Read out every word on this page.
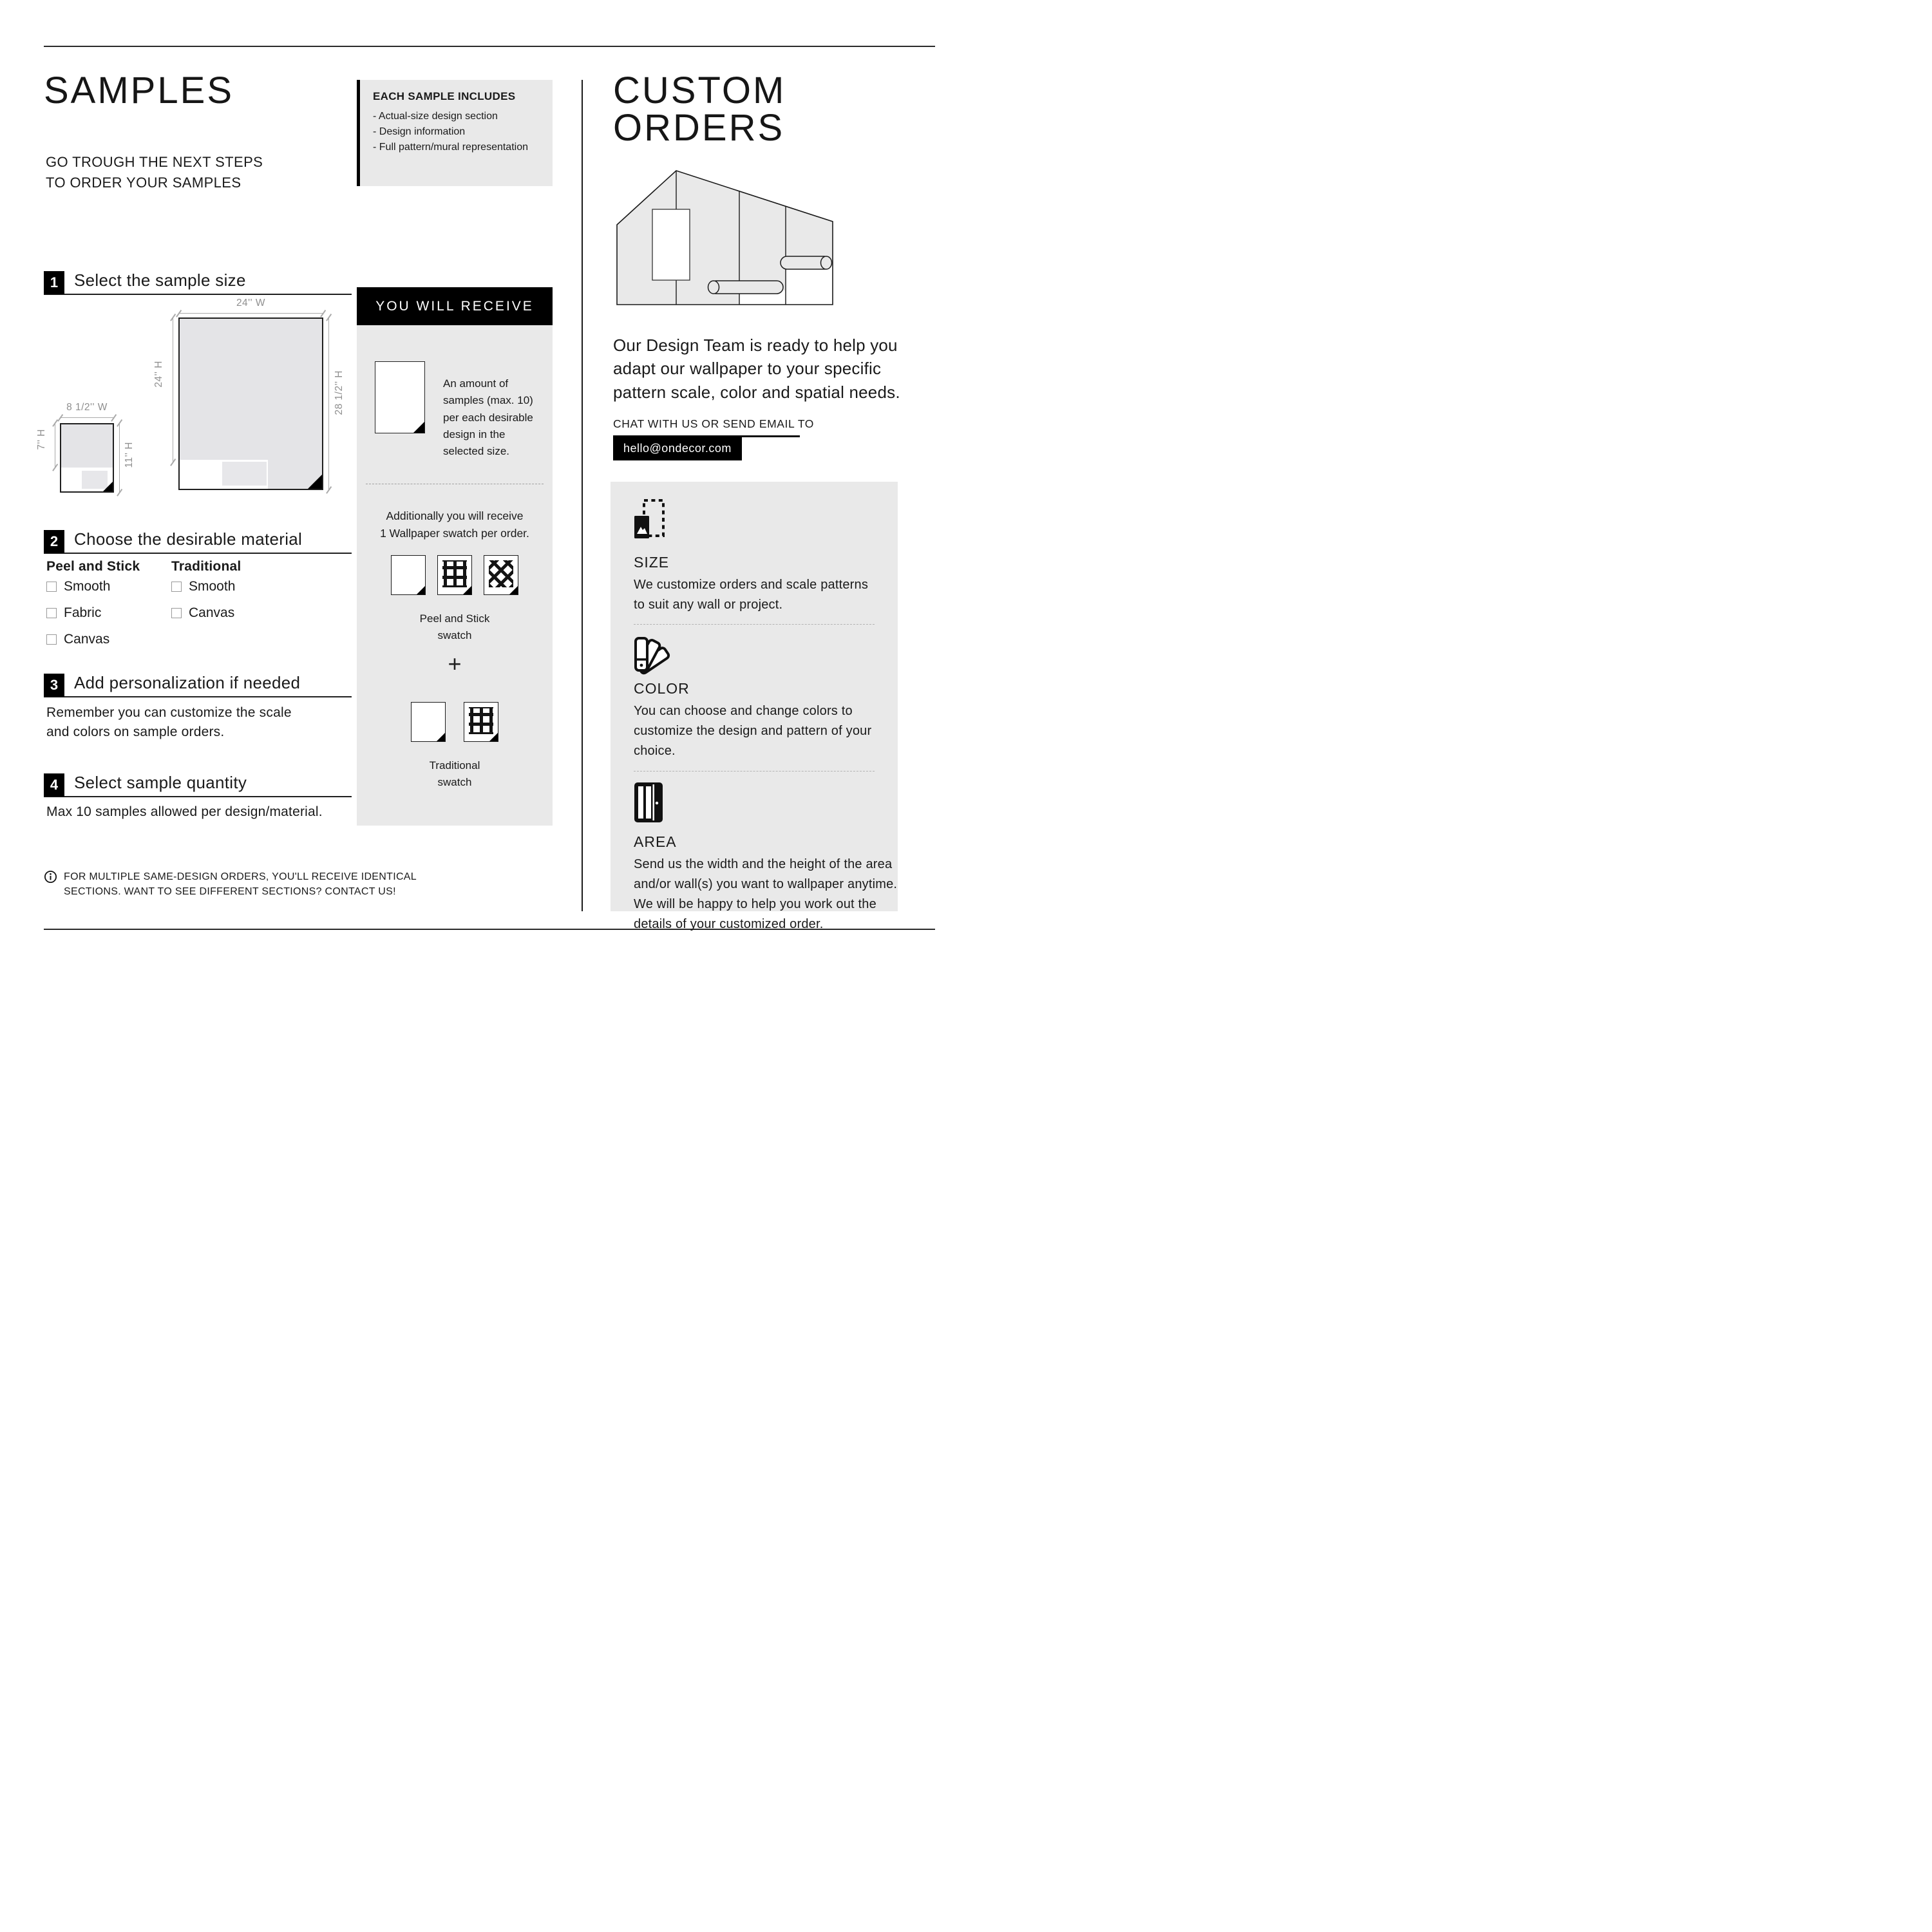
SAMPLES
GO TROUGH THE NEXT STEPS
TO ORDER YOUR SAMPLES
EACH SAMPLE INCLUDES
- Actual-size design section
- Design information
- Full pattern/mural representation
1 Select the sample size
24'' W
24'' H	28 1/2'' H
8 1/2'' W
7'' H
11'' H
2 Choose the desirable material
Peel and Stick
Smooth
Fabric
Canvas
Traditional
Smooth
Canvas
3 Add personalization if needed
Remember you can customize the scale
and colors on sample orders.
4 Select sample quantity
Max 10 samples allowed per design/material.
FOR MULTIPLE SAME-DESIGN ORDERS, YOU'LL RECEIVE IDENTICAL
SECTIONS. WANT TO SEE DIFFERENT SECTIONS? CONTACT US!
YOU WILL RECEIVE
An amount of
samples (max. 10)
per each desirable
design in the
selected size.
Additionally you will receive
1 Wallpaper swatch per order.
Peel and Stick
swatch
+
Traditional
swatch
CUSTOM ORDERS
Our Design Team is ready to help you
adapt our wallpaper to your specific
pattern scale, color and spatial needs.
CHAT WITH US OR SEND EMAIL TO
hello@ondecor.com
SIZE
We customize orders and scale patterns
to suit any wall or project.
COLOR
You can choose and change colors to
customize the design and pattern of your
choice.
AREA
Send us the width and the height of the area
and/or wall(s) you want to wallpaper anytime.
We will be happy to help you work out the
details of your customized order.
